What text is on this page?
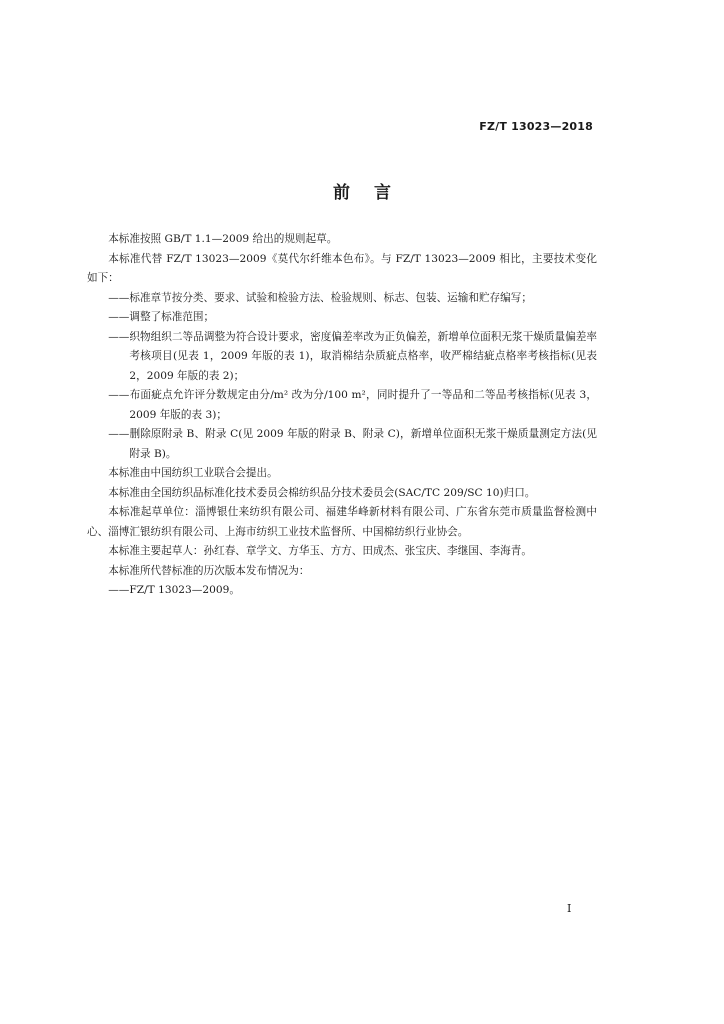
FZ/T 13023—2018
前言
本标准按照 GB/T 1.1—2009 给出的规则起草。
本标准代替 FZ/T 13023—2009《莫代尔纤维本色布》。与 FZ/T 13023—2009 相比，主要技术变化如下：
——标准章节按分类、要求、试验和检验方法、检验规则、标志、包装、运输和贮存编写；
——调整了标准范围；
——织物组织二等品调整为符合设计要求，密度偏差率改为正负偏差，新增单位面积无浆干燥质量偏差率考核项目(见表 1，2009 年版的表 1)，取消棉结杂质疵点格率，收严棉结疵点格率考核指标(见表 2，2009 年版的表 2)；
——布面疵点允许评分数规定由分/m² 改为分/100 m²，同时提升了一等品和二等品考核指标(见表 3，2009 年版的表 3)；
——删除原附录 B、附录 C(见 2009 年版的附录 B、附录 C)，新增单位面积无浆干燥质量测定方法(见附录 B)。
本标准由中国纺织工业联合会提出。
本标准由全国纺织品标准化技术委员会棉纺织品分技术委员会(SAC/TC 209/SC 10)归口。
本标准起草单位：淄博银仕来纺织有限公司、福建华峰新材料有限公司、广东省东莞市质量监督检测中心、淄博汇银纺织有限公司、上海市纺织工业技术监督所、中国棉纺织行业协会。
本标准主要起草人：孙红春、章学文、方华玉、方方、田成杰、张宝庆、李继国、李海青。
本标准所代替标准的历次版本发布情况为：
——FZ/T 13023—2009。
I
